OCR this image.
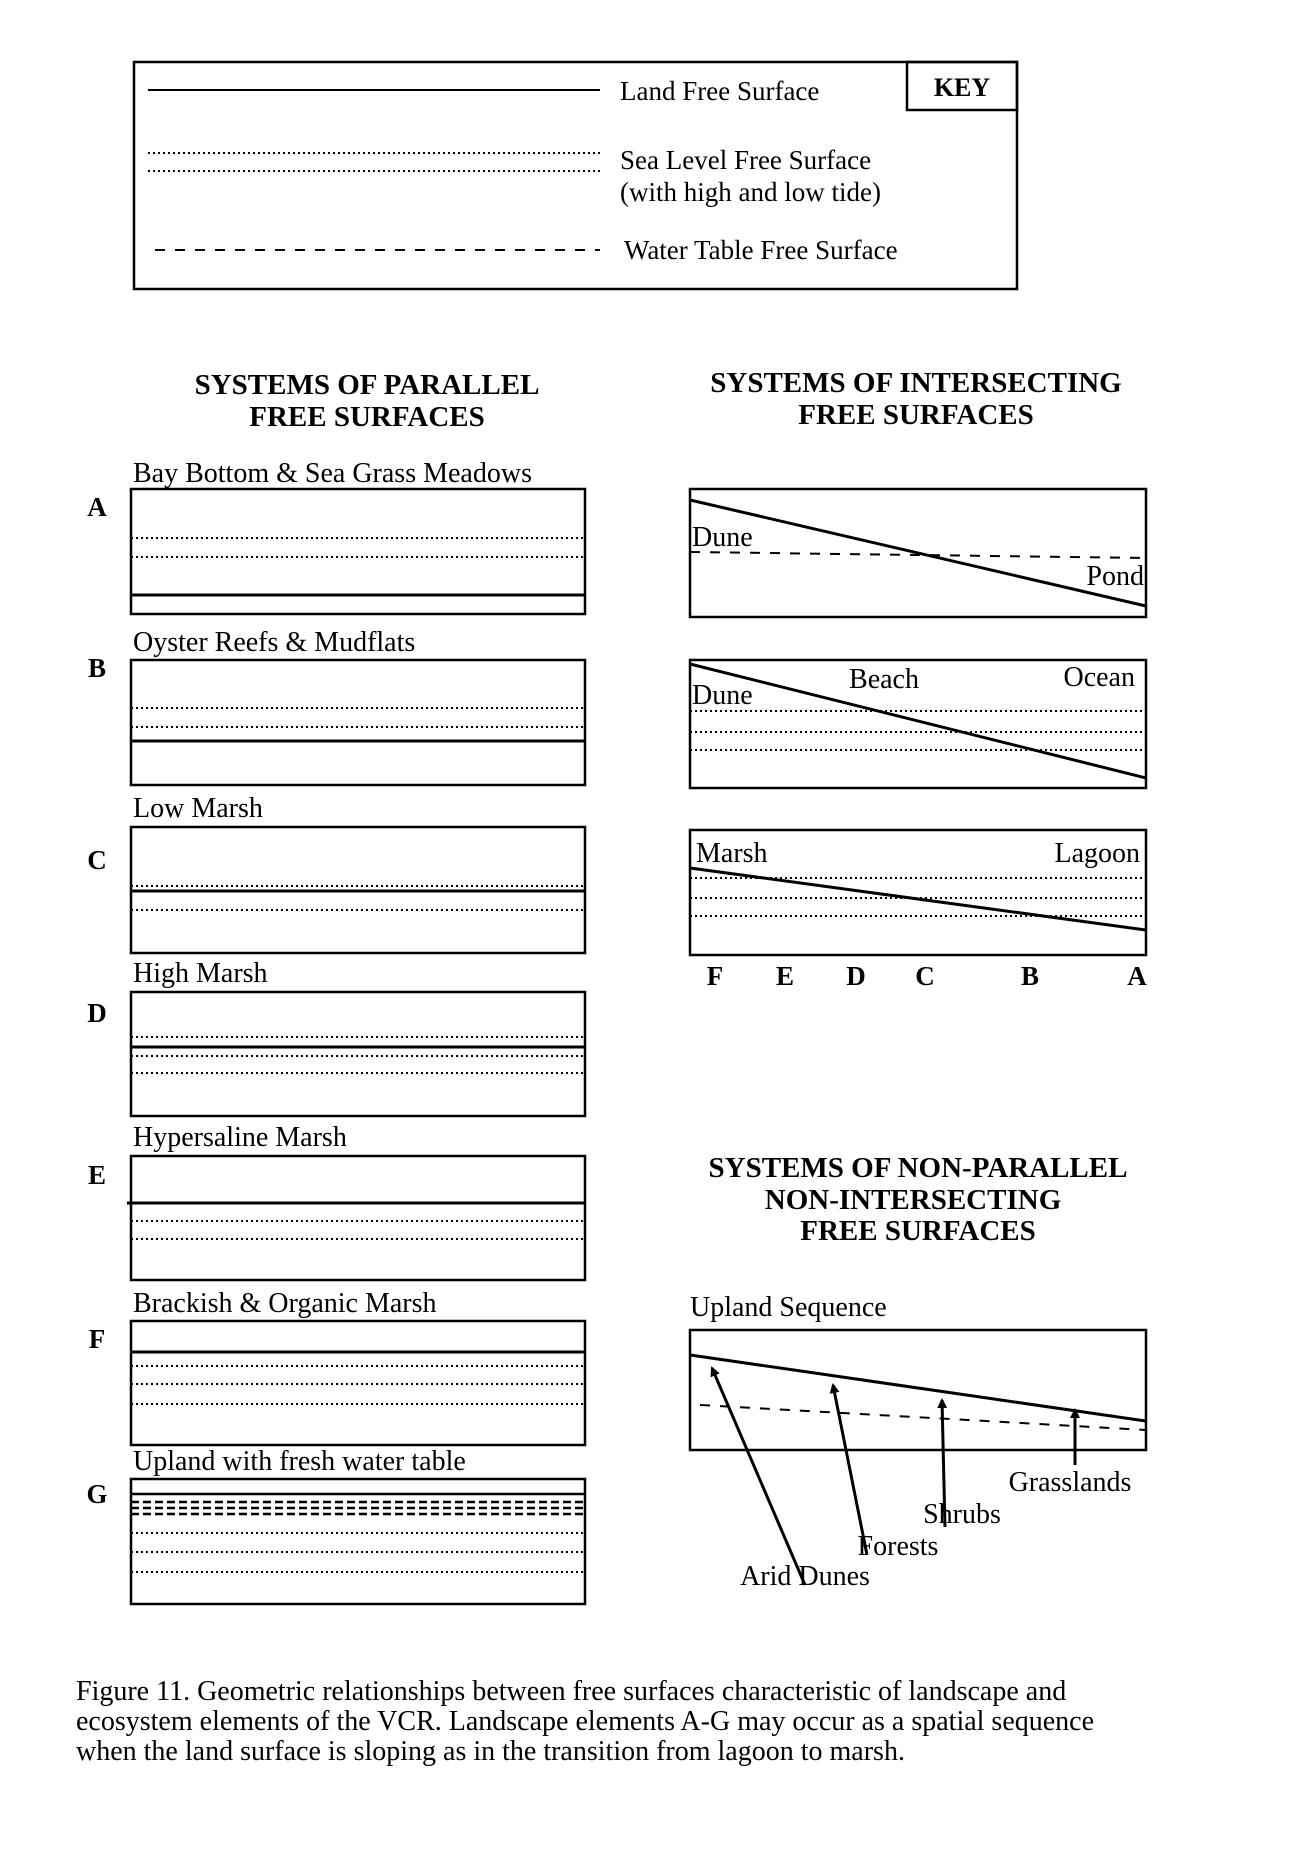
KEY
Land Free Surface
Sea Level Free Surface
(with high and low tide)
Water Table Free Surface
SYSTEMS OF PARALLEL
FREE SURFACES
A
Bay Bottom & Sea Grass Meadows
B
Oyster Reefs & Mudflats
C
Low Marsh
D
High Marsh
E
Hypersaline Marsh
F
Brackish & Organic Marsh
G
Upland with fresh water table
SYSTEMS OF INTERSECTING
FREE SURFACES
Dune
Pond
Dune
Beach	Ocean
Marsh	Lagoon
F E D C	B	A
SYSTEMS OF NON-PARALLEL
NON-INTERSECTING
FREE SURFACES
Upland Sequence
Arid Dunes
Forests
Shrubs
Grasslands
Figure 11. Geometric relationships between free surfaces characteristic of landscape and
ecosystem elements of the VCR. Landscape elements A-G may occur as a spatial sequence
when the land surface is sloping as in the transition from lagoon to marsh.
